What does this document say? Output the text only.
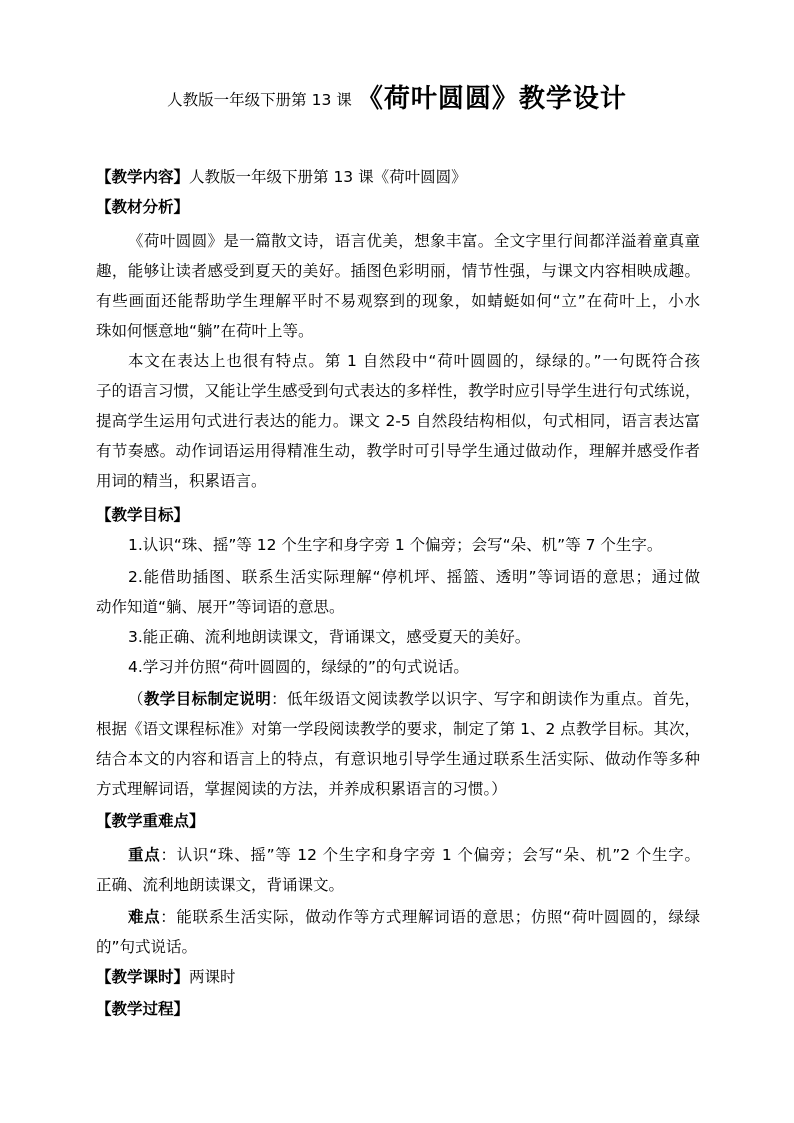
人教版一年级下册第 13 课 《荷叶圆圆》教学设计
【教学内容】人教版一年级下册第 13 课《荷叶圆圆》
【教材分析】
《荷叶圆圆》是一篇散文诗，语言优美，想象丰富。全文字里行间都洋溢着童真童
趣，能够让读者感受到夏天的美好。插图色彩明丽，情节性强，与课文内容相映成趣。
有些画面还能帮助学生理解平时不易观察到的现象，如蜻蜓如何“立”在荷叶上，小水
珠如何惬意地“躺”在荷叶上等。
本文在表达上也很有特点。第 1 自然段中“荷叶圆圆的，绿绿的。”一句既符合孩
子的语言习惯，又能让学生感受到句式表达的多样性，教学时应引导学生进行句式练说，
提高学生运用句式进行表达的能力。课文 2-5 自然段结构相似，句式相同，语言表达富
有节奏感。动作词语运用得精准生动，教学时可引导学生通过做动作，理解并感受作者
用词的精当，积累语言。
【教学目标】
1.认识“珠、摇”等 12 个生字和身字旁 1 个偏旁；会写“朵、机”等 7 个生字。
2.能借助插图、联系生活实际理解“停机坪、摇篮、透明”等词语的意思；通过做
动作知道“躺、展开”等词语的意思。
3.能正确、流利地朗读课文，背诵课文，感受夏天的美好。
4.学习并仿照“荷叶圆圆的，绿绿的”的句式说话。
（教学目标制定说明：低年级语文阅读教学以识字、写字和朗读作为重点。首先，
根据《语文课程标准》对第一学段阅读教学的要求，制定了第 1、2 点教学目标。其次，
结合本文的内容和语言上的特点，有意识地引导学生通过联系生活实际、做动作等多种
方式理解词语，掌握阅读的方法，并养成积累语言的习惯。）
【教学重难点】
重点：认识“珠、摇”等 12 个生字和身字旁 1 个偏旁；会写“朵、机”2 个生字。
正确、流利地朗读课文，背诵课文。
难点：能联系生活实际，做动作等方式理解词语的意思；仿照“荷叶圆圆的，绿绿
的”句式说话。
【教学课时】两课时
【教学过程】
